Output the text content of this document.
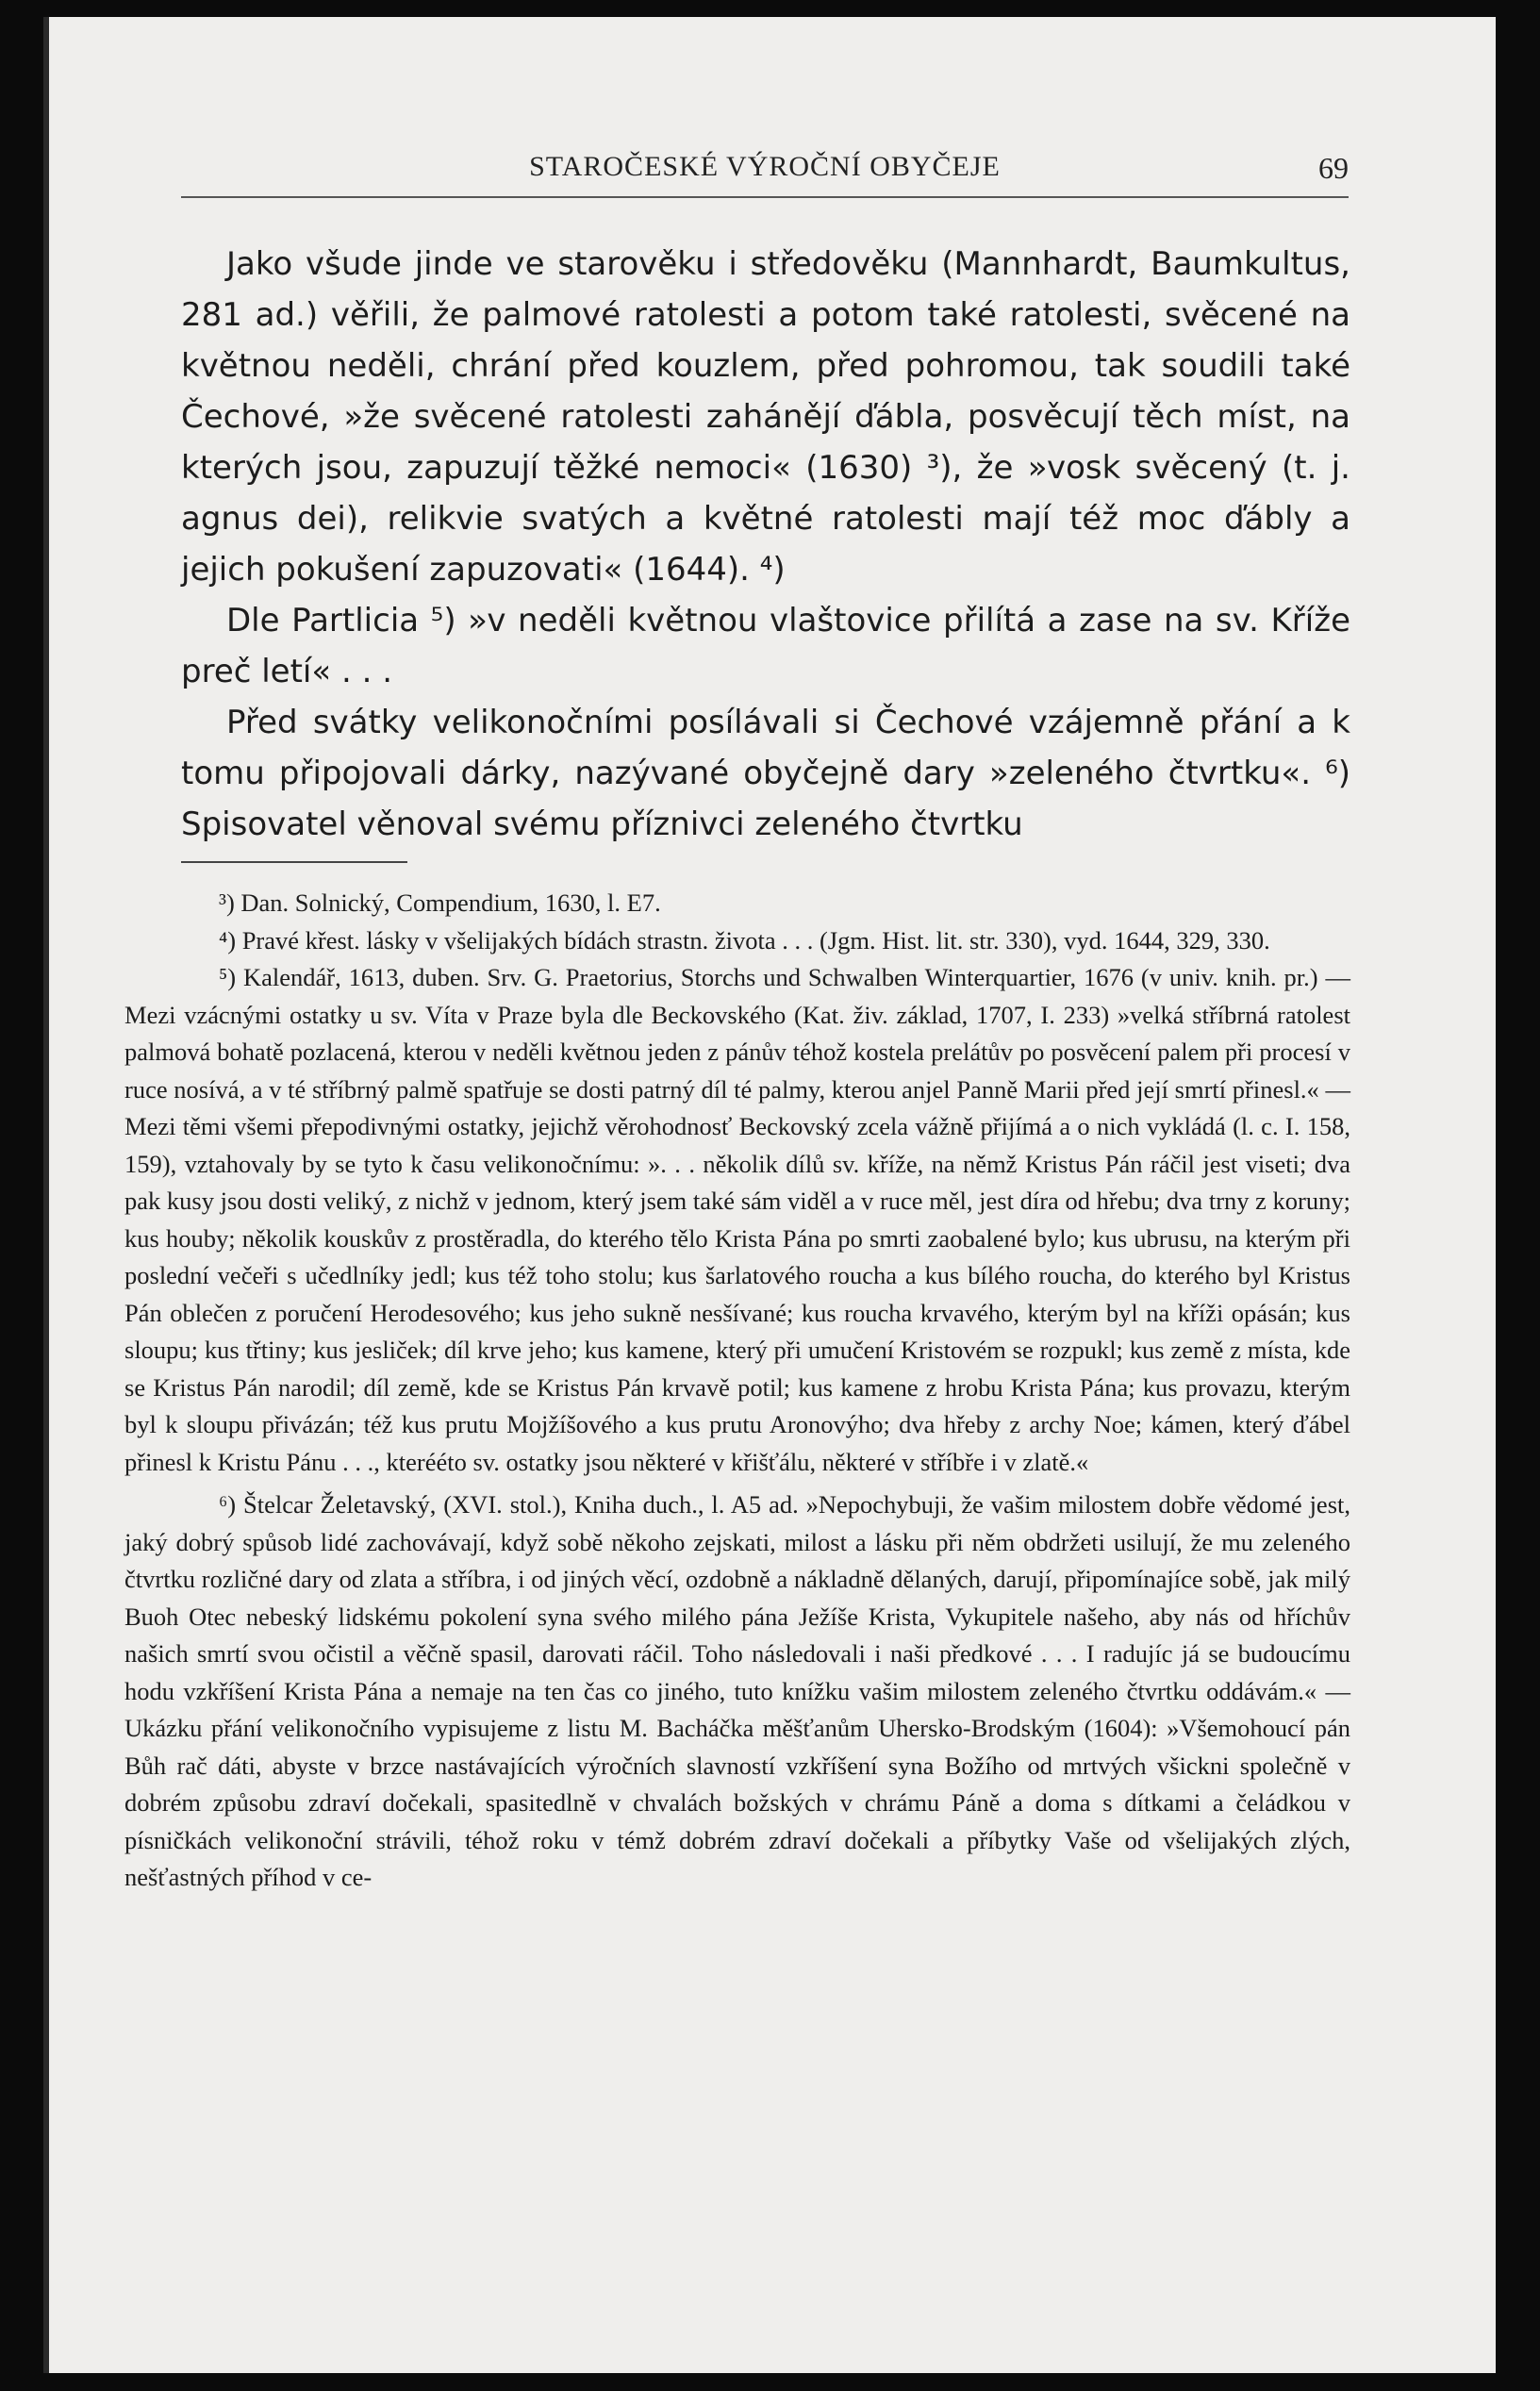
STAROČESKÉ VÝROČNÍ OBYČEJE	69

Jako všude jinde ve starověku i středověku (Mannhardt, Baumkultus, 281 ad.) věřili, že palmové ratolesti a potom také ratolesti, svěcené na květnou neděli, chrání před kouzlem, před pohromou, tak soudili také Čechové, »že svěcené ratolesti zahánějí ďábla, posvěcují těch míst, na kterých jsou, zapuzují těžké nemoci« (1630) ³), že »vosk svěcený (t. j. agnus dei), relikvie svatých a květné ratolesti mají též moc ďábly a jejich pokušení zapuzovati« (1644). ⁴)

Dle Partlicia ⁵) »v neděli květnou vlaštovice přilítá a zase na sv. Kříže preč letí« . . .

Před svátky velikonočními posílávali si Čechové vzájemně přání a k tomu připojovali dárky, nazývané obyčejně dary »zeleného čtvrtku«. ⁶) Spisovatel věnoval svému příznivci zeleného čtvrtku

³) Dan. Solnický, Compendium, 1630, l. E7.

⁴) Pravé křest. lásky v všelijakých bídách strastn. života . . . (Jgm. Hist. lit. str. 330), vyd. 1644, 329, 330.

⁵) Kalendář, 1613, duben. Srv. G. Praetorius, Storchs und Schwalben Winterquartier, 1676 (v univ. knih. pr.) — Mezi vzácnými ostatky u sv. Víta v Praze byla dle Beckovského (Kat. živ. základ, 1707, I. 233) »velká stříbrná ratolest palmová bohatě pozlacená, kterou v neděli květnou jeden z pánův téhož kostela prelátův po posvěcení palem při procesí v ruce nosívá, a v té stříbrný palmě spatřuje se dosti patrný díl té palmy, kterou anjel Panně Marii před její smrtí přinesl.« — Mezi těmi všemi přepodivnými ostatky, jejichž věrohodnosť Beckovský zcela vážně přijímá a o nich vykládá (l. c. I. 158, 159), vztahovaly by se tyto k času velikonočnímu: ». . . několik dílů sv. kříže, na němž Kristus Pán ráčil jest viseti; dva pak kusy jsou dosti veliký, z nichž v jednom, který jsem také sám viděl a v ruce měl, jest díra od hřebu; dva trny z koruny; kus houby; několik kouskův z prostěradla, do kterého tělo Krista Pána po smrti zaobalené bylo; kus ubrusu, na kterým při poslední večeři s učedlníky jedl; kus též toho stolu; kus šarlatového roucha a kus bílého roucha, do kterého byl Kristus Pán oblečen z poručení Herodesového; kus jeho sukně nesšívané; kus roucha krvavého, kterým byl na kříži opásán; kus sloupu; kus třtiny; kus jesliček; díl krve jeho; kus kamene, který při umučení Kristovém se rozpukl; kus země z místa, kde se Kristus Pán narodil; díl země, kde se Kristus Pán krvavě potil; kus kamene z hrobu Krista Pána; kus provazu, kterým byl k sloupu přivázán; též kus prutu Mojžíšového a kus prutu Aronovýho; dva hřeby z archy Noe; kámen, který ďábel přinesl k Kristu Pánu . . ., kterééto sv. ostatky jsou některé v křišťálu, některé v stříbře i v zlatě.«

⁶) Štelcar Želetavský, (XVI. stol.), Kniha duch., l. A5 ad. »Nepochybuji, že vašim milostem dobře vědomé jest, jaký dobrý spůsob lidé zachovávají, když sobě někoho zejskati, milost a lásku při něm obdržeti usilují, že mu zeleného čtvrtku rozličné dary od zlata a stříbra, i od jiných věcí, ozdobně a nákladně dělaných, darují, připomínajíce sobě, jak milý Buoh Otec nebeský lidskému pokolení syna svého milého pána Ježíše Krista, Vykupitele našeho, aby nás od hříchův našich smrtí svou očistil a věčně spasil, darovati ráčil. Toho následovali i naši předkové . . . I radujíc já se budoucímu hodu vzkříšení Krista Pána a nemaje na ten čas co jiného, tuto knížku vašim milostem zeleného čtvrtku oddávám.« — Ukázku přání velikonočního vypisujeme z listu M. Bacháčka měšťanům Uhersko-Brodským (1604): »Všemohoucí pán Bůh rač dáti, abyste v brzce nastávajících výročních slavností vzkříšení syna Božího od mrtvých všickni společně v dobrém způsobu zdraví dočekali, spasitedlně v chvalách božských v chrámu Páně a doma s dítkami a čeládkou v písničkách velikonoční strávili, téhož roku v témž dobrém zdraví dočekali a příbytky Vaše od všelijakých zlých, nešťastných příhod v ce-
